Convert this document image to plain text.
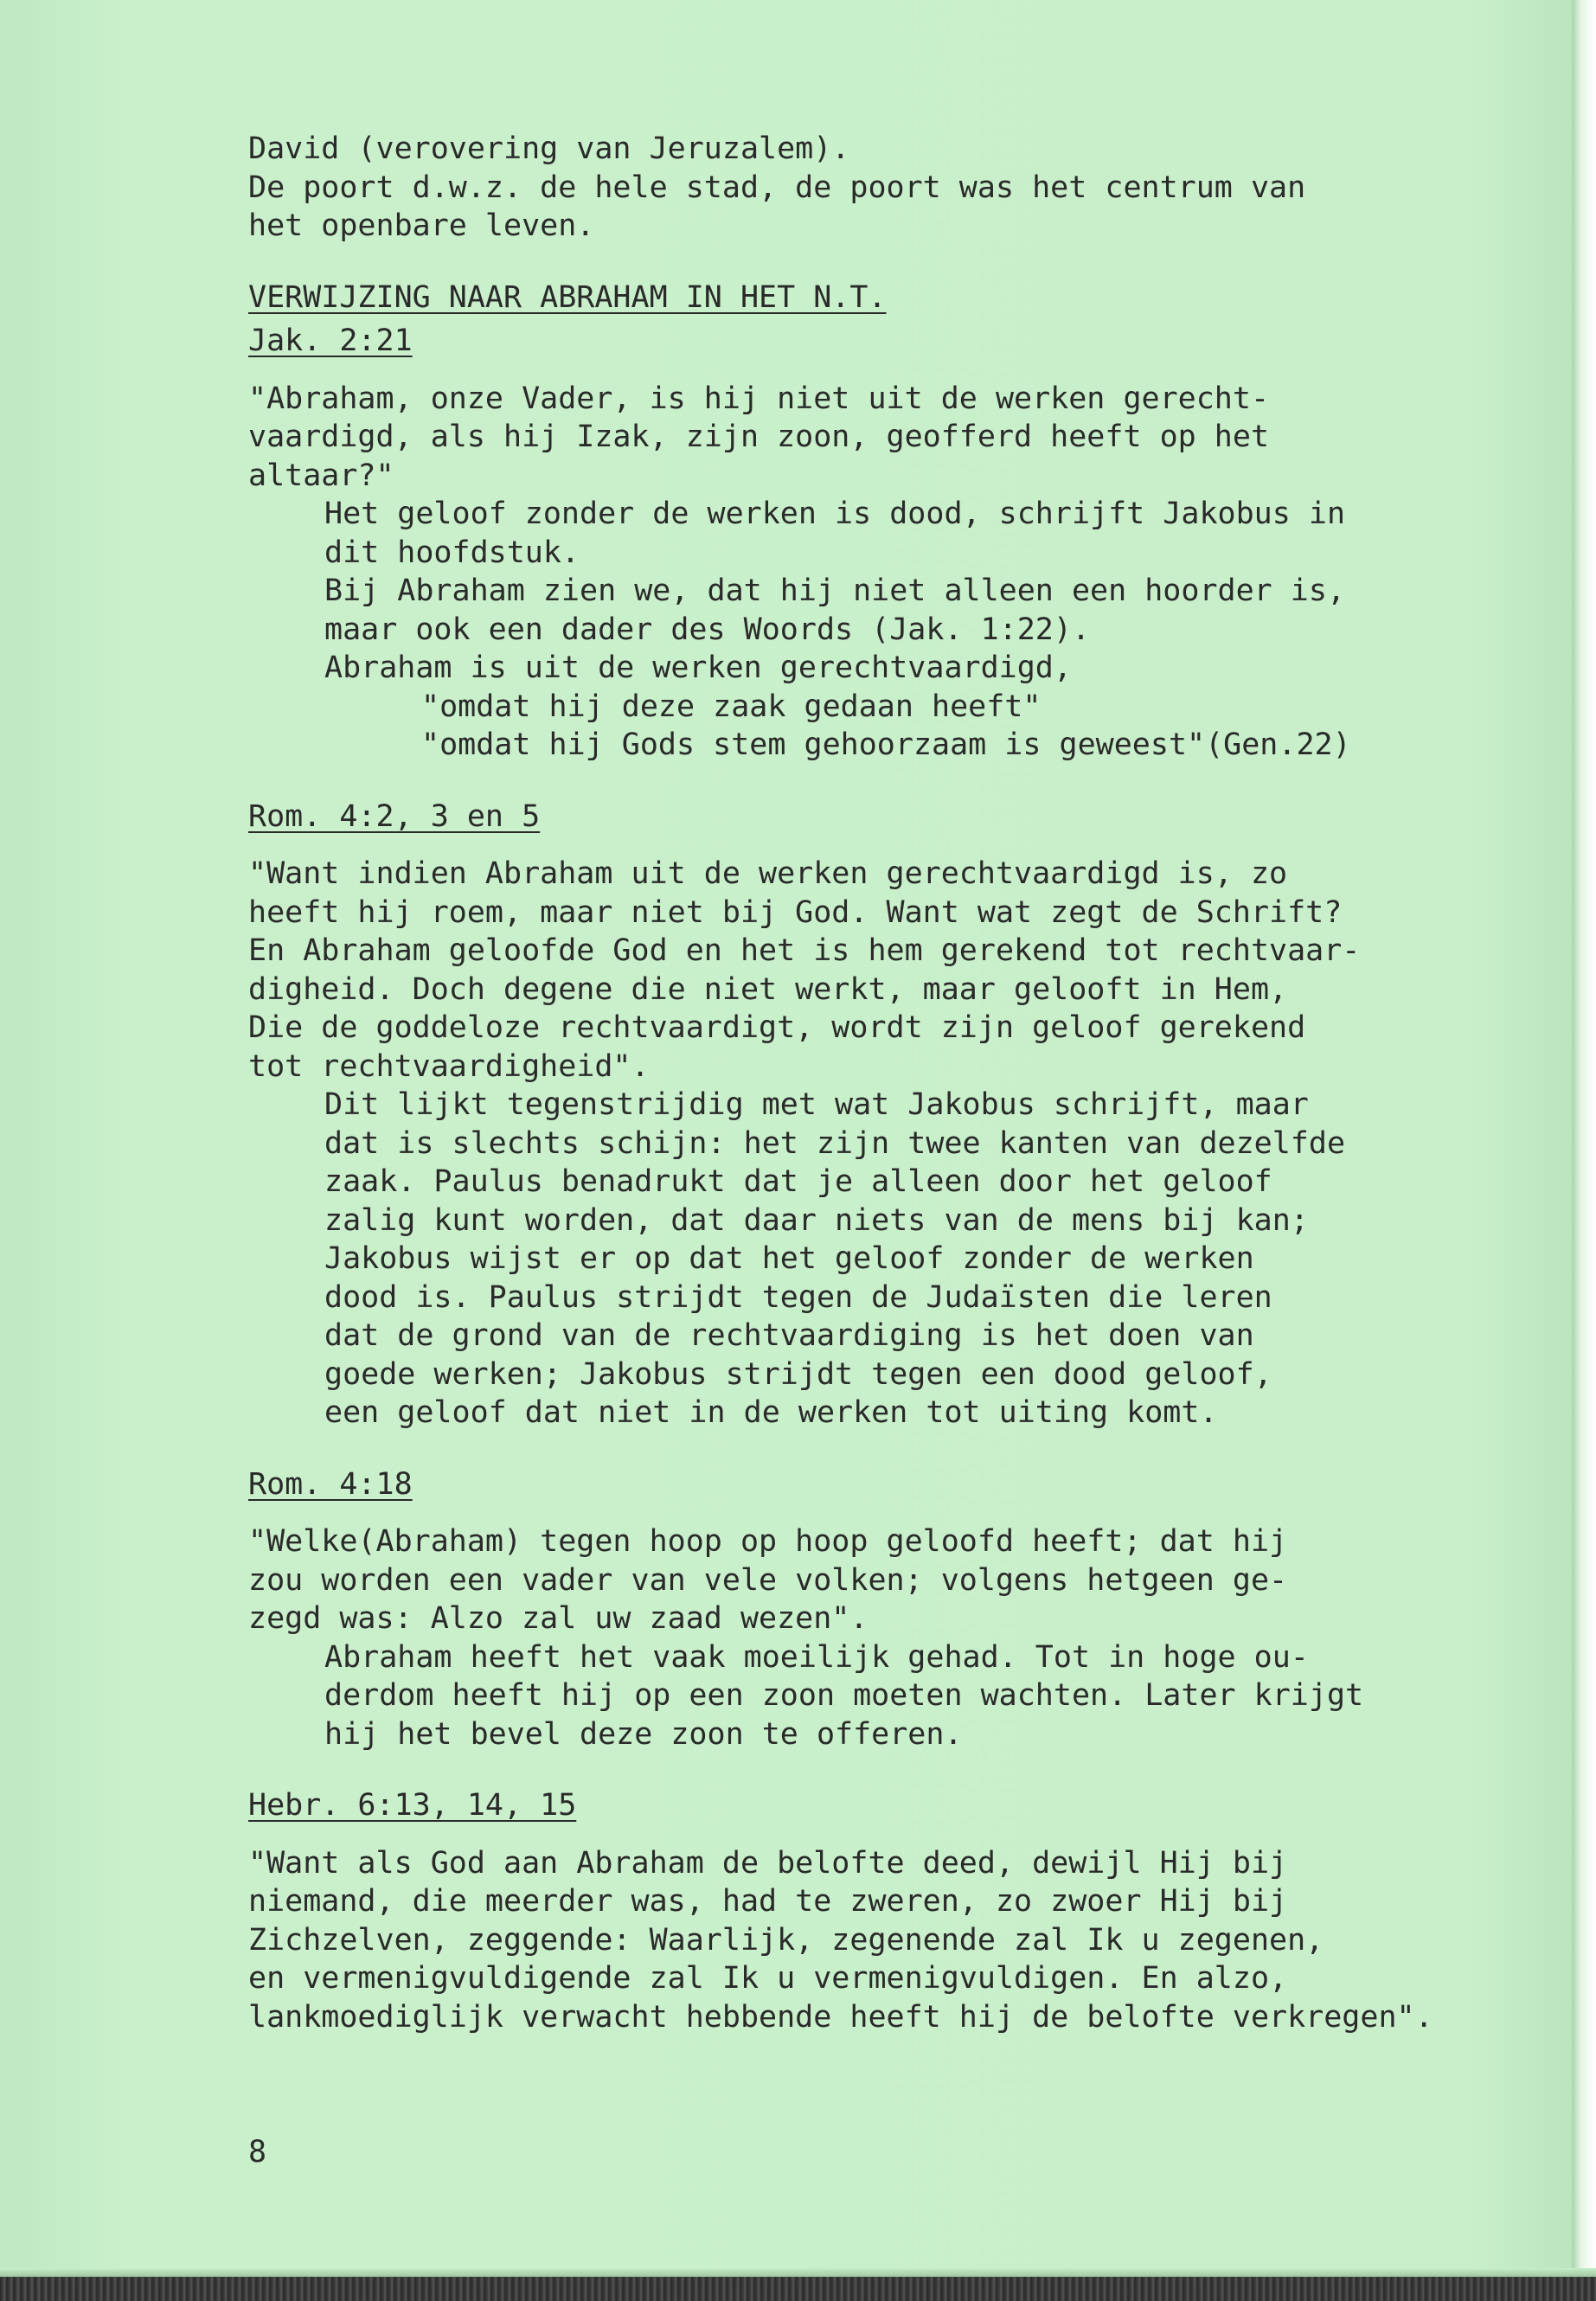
David (verovering van Jeruzalem).
De poort d.w.z. de hele stad, de poort was het centrum van
het openbare leven.
VERWIJZING NAAR ABRAHAM IN HET N.T.
Jak. 2:21
"Abraham, onze Vader, is hij niet uit de werken gerecht-
vaardigd, als hij Izak, zijn zoon, geofferd heeft op het
altaar?"
Het geloof zonder de werken is dood, schrijft Jakobus in
dit hoofdstuk.
Bij Abraham zien we, dat hij niet alleen een hoorder is,
maar ook een dader des Woords (Jak. 1:22).
Abraham is uit de werken gerechtvaardigd,
"omdat hij deze zaak gedaan heeft"
"omdat hij Gods stem gehoorzaam is geweest"(Gen.22)
Rom. 4:2, 3 en 5
"Want indien Abraham uit de werken gerechtvaardigd is, zo
heeft hij roem, maar niet bij God. Want wat zegt de Schrift?
En Abraham geloofde God en het is hem gerekend tot rechtvaar-
digheid. Doch degene die niet werkt, maar gelooft in Hem,
Die de goddeloze rechtvaardigt, wordt zijn geloof gerekend
tot rechtvaardigheid".
Dit lijkt tegenstrijdig met wat Jakobus schrijft, maar
dat is slechts schijn: het zijn twee kanten van dezelfde
zaak. Paulus benadrukt dat je alleen door het geloof
zalig kunt worden, dat daar niets van de mens bij kan;
Jakobus wijst er op dat het geloof zonder de werken
dood is. Paulus strijdt tegen de Judaïsten die leren
dat de grond van de rechtvaardiging is het doen van
goede werken; Jakobus strijdt tegen een dood geloof,
een geloof dat niet in de werken tot uiting komt.
Rom. 4:18
"Welke(Abraham) tegen hoop op hoop geloofd heeft; dat hij
zou worden een vader van vele volken; volgens hetgeen ge-
zegd was: Alzo zal uw zaad wezen".
Abraham heeft het vaak moeilijk gehad. Tot in hoge ou-
derdom heeft hij op een zoon moeten wachten. Later krijgt
hij het bevel deze zoon te offeren.
Hebr. 6:13, 14, 15
"Want als God aan Abraham de belofte deed, dewijl Hij bij
niemand, die meerder was, had te zweren, zo zwoer Hij bij
Zichzelven, zeggende: Waarlijk, zegenende zal Ik u zegenen,
en vermenigvuldigende zal Ik u vermenigvuldigen. En alzo,
lankmoediglijk verwacht hebbende heeft hij de belofte verkregen".
8
